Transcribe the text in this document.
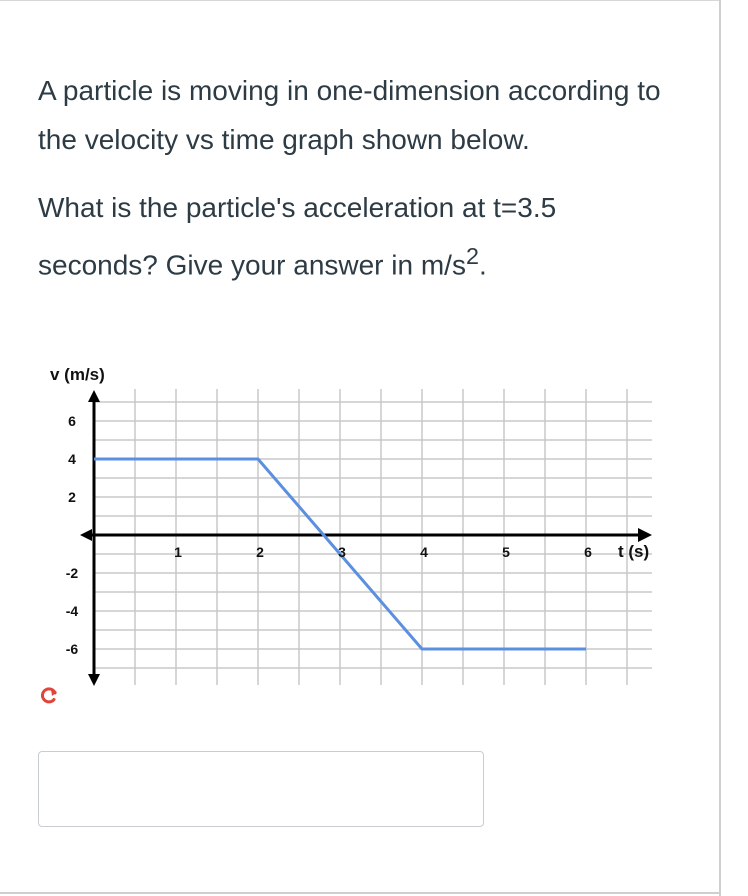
A particle is moving in one-dimension according to the velocity vs time graph shown below.

What is the particle's acceleration at t=3.5 seconds? Give your answer in $m/s^2$.

1	2	3	4	5	6
6
4
2
-2
-4
-6
v (m/s)
t (s)
